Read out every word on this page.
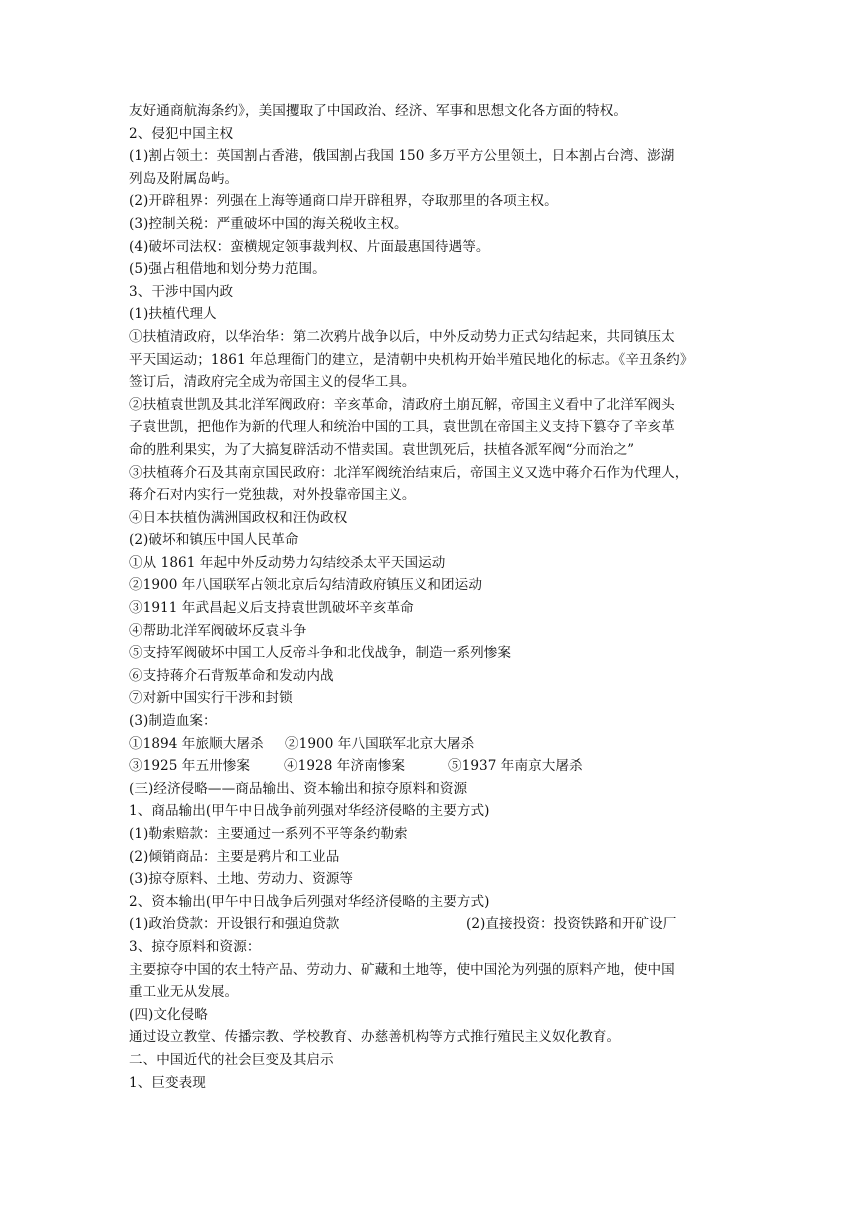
友好通商航海条约》，美国攫取了中国政治、经济、军事和思想文化各方面的特权。
2、侵犯中国主权
(1)割占领土：英国割占香港，俄国割占我国 150 多万平方公里领土，日本割占台湾、澎湖
列岛及附属岛屿。
(2)开辟租界：列强在上海等通商口岸开辟租界，夺取那里的各项主权。
(3)控制关税：严重破坏中国的海关税收主权。
(4)破坏司法权：蛮横规定领事裁判权、片面最惠国待遇等。
(5)强占租借地和划分势力范围。
3、干涉中国内政
(1)扶植代理人
①扶植清政府，以华治华：第二次鸦片战争以后，中外反动势力正式勾结起来，共同镇压太
平天国运动；1861 年总理衙门的建立，是清朝中央机构开始半殖民地化的标志。《辛丑条约》
签订后，清政府完全成为帝国主义的侵华工具。
②扶植袁世凯及其北洋军阀政府：辛亥革命，清政府土崩瓦解，帝国主义看中了北洋军阀头
子袁世凯，把他作为新的代理人和统治中国的工具，袁世凯在帝国主义支持下篡夺了辛亥革
命的胜利果实，为了大搞复辟活动不惜卖国。袁世凯死后，扶植各派军阀“分而治之”
③扶植蒋介石及其南京国民政府：北洋军阀统治结束后，帝国主义又选中蒋介石作为代理人，
蒋介石对内实行一党独裁，对外投靠帝国主义。
④日本扶植伪满洲国政权和汪伪政权
(2)破坏和镇压中国人民革命
①从 1861 年起中外反动势力勾结绞杀太平天国运动
②1900 年八国联军占领北京后勾结清政府镇压义和团运动
③1911 年武昌起义后支持袁世凯破坏辛亥革命
④帮助北洋军阀破坏反袁斗争
⑤支持军阀破坏中国工人反帝斗争和北伐战争，制造一系列惨案
⑥支持蒋介石背叛革命和发动内战
⑦对新中国实行干涉和封锁
(3)制造血案：
①1894 年旅顺大屠杀	②1900 年八国联军北京大屠杀
③1925 年五卅惨案	④1928 年济南惨案	⑤1937 年南京大屠杀
(三)经济侵略——商品输出、资本输出和掠夺原料和资源
1、商品输出(甲午中日战争前列强对华经济侵略的主要方式)
(1)勒索赔款：主要通过一系列不平等条约勒索
(2)倾销商品：主要是鸦片和工业品
(3)掠夺原料、土地、劳动力、资源等
2、资本输出(甲午中日战争后列强对华经济侵略的主要方式)
(1)政治贷款：开设银行和强迫贷款	(2)直接投资：投资铁路和开矿设厂
3、掠夺原料和资源：
主要掠夺中国的农土特产品、劳动力、矿藏和土地等，使中国沦为列强的原料产地，使中国
重工业无从发展。
(四)文化侵略
通过设立教堂、传播宗教、学校教育、办慈善机构等方式推行殖民主义奴化教育。
二、中国近代的社会巨变及其启示
1、巨变表现
